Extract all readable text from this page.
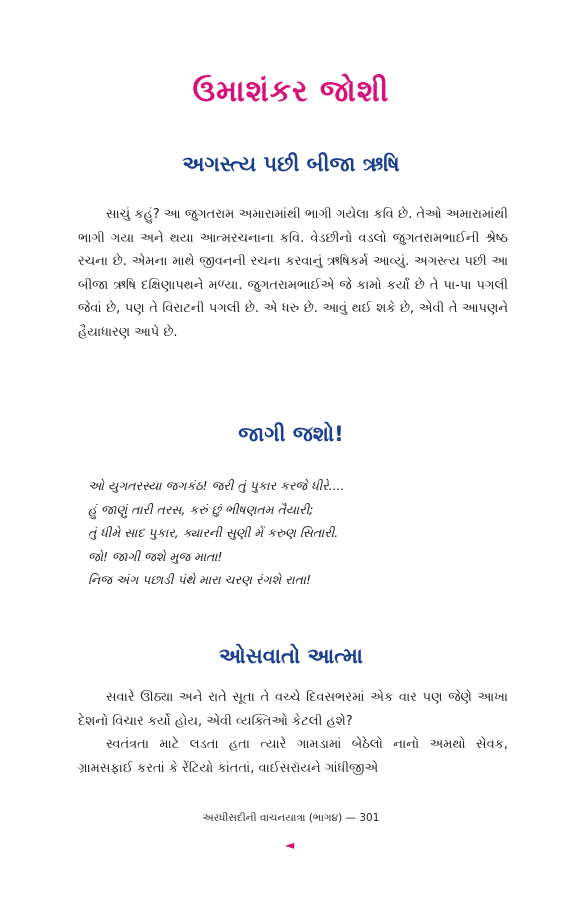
ઉમાશંકર જોશી
અગસ્ત્ય પછી બીજા ઋષિ

સાચું કહું? આ જુગતરામ અમારામાંથી ભાગી ગયેલા કવિ છે. તેઓ અમારામાંથી ભાગી ગયા અને થયા આત્મરચનાના કવિ. વેડછીનો વડલો જુગતરામભાઈની શ્રેષ્ઠ રચના છે. એમના માથે જીવનની રચના કરવાનું ઋષિકર્મ આવ્યું. અગસ્ત્ય પછી આ બીજા ઋષિ દક્ષિણાપથને મળ્યા. જુગતરામભાઈએ જે કામો કર્યાં છે તે પા-પા પગલી જેવાં છે, પણ તે વિરાટની પગલી છે. એ ધરુ છે. આવું થઈ શકે છે, એવી તે આપણને હૈયાધારણ આપે છે.

જાગી જશો!
ઓ યુગતરસ્યા જગકંઠ! જરી તું પુકાર કરજે ધીરે....
હું જાણું તારી તરસ, કરું છું ભીષણતમ તૈયારી;
તું ધીમે સાદ પુકાર, ક્યારની સુણી મેં કરુણ સિતારી.
જો! જાગી જશે મુજ માતા!
નિજ અંગ પછાડી પંથે મારા ચરણ રંગશે રાતા!
ઓસવાતો આત્મા

સવારે ઊઠ્યા અને રાતે સૂતા તે વચ્ચે દિવસભરમાં એક વાર પણ જેણે આખા દેશનો વિચાર કર્યો હોય, એવી વ્યક્તિઓ કેટલી હશે?

સ્વતંત્રતા માટે લડતા હતા ત્યારે ગામડામાં બેઠેલો નાનો અમથો સેવક, ગ્રામસફાઈ કરતાં કે રેંટિયો કાંતતાં, વાઈસરૉયને ગાંધીજીએ

અરધીસદીની વાચનયાત્રા (ભાગ૪) — 301
◄
